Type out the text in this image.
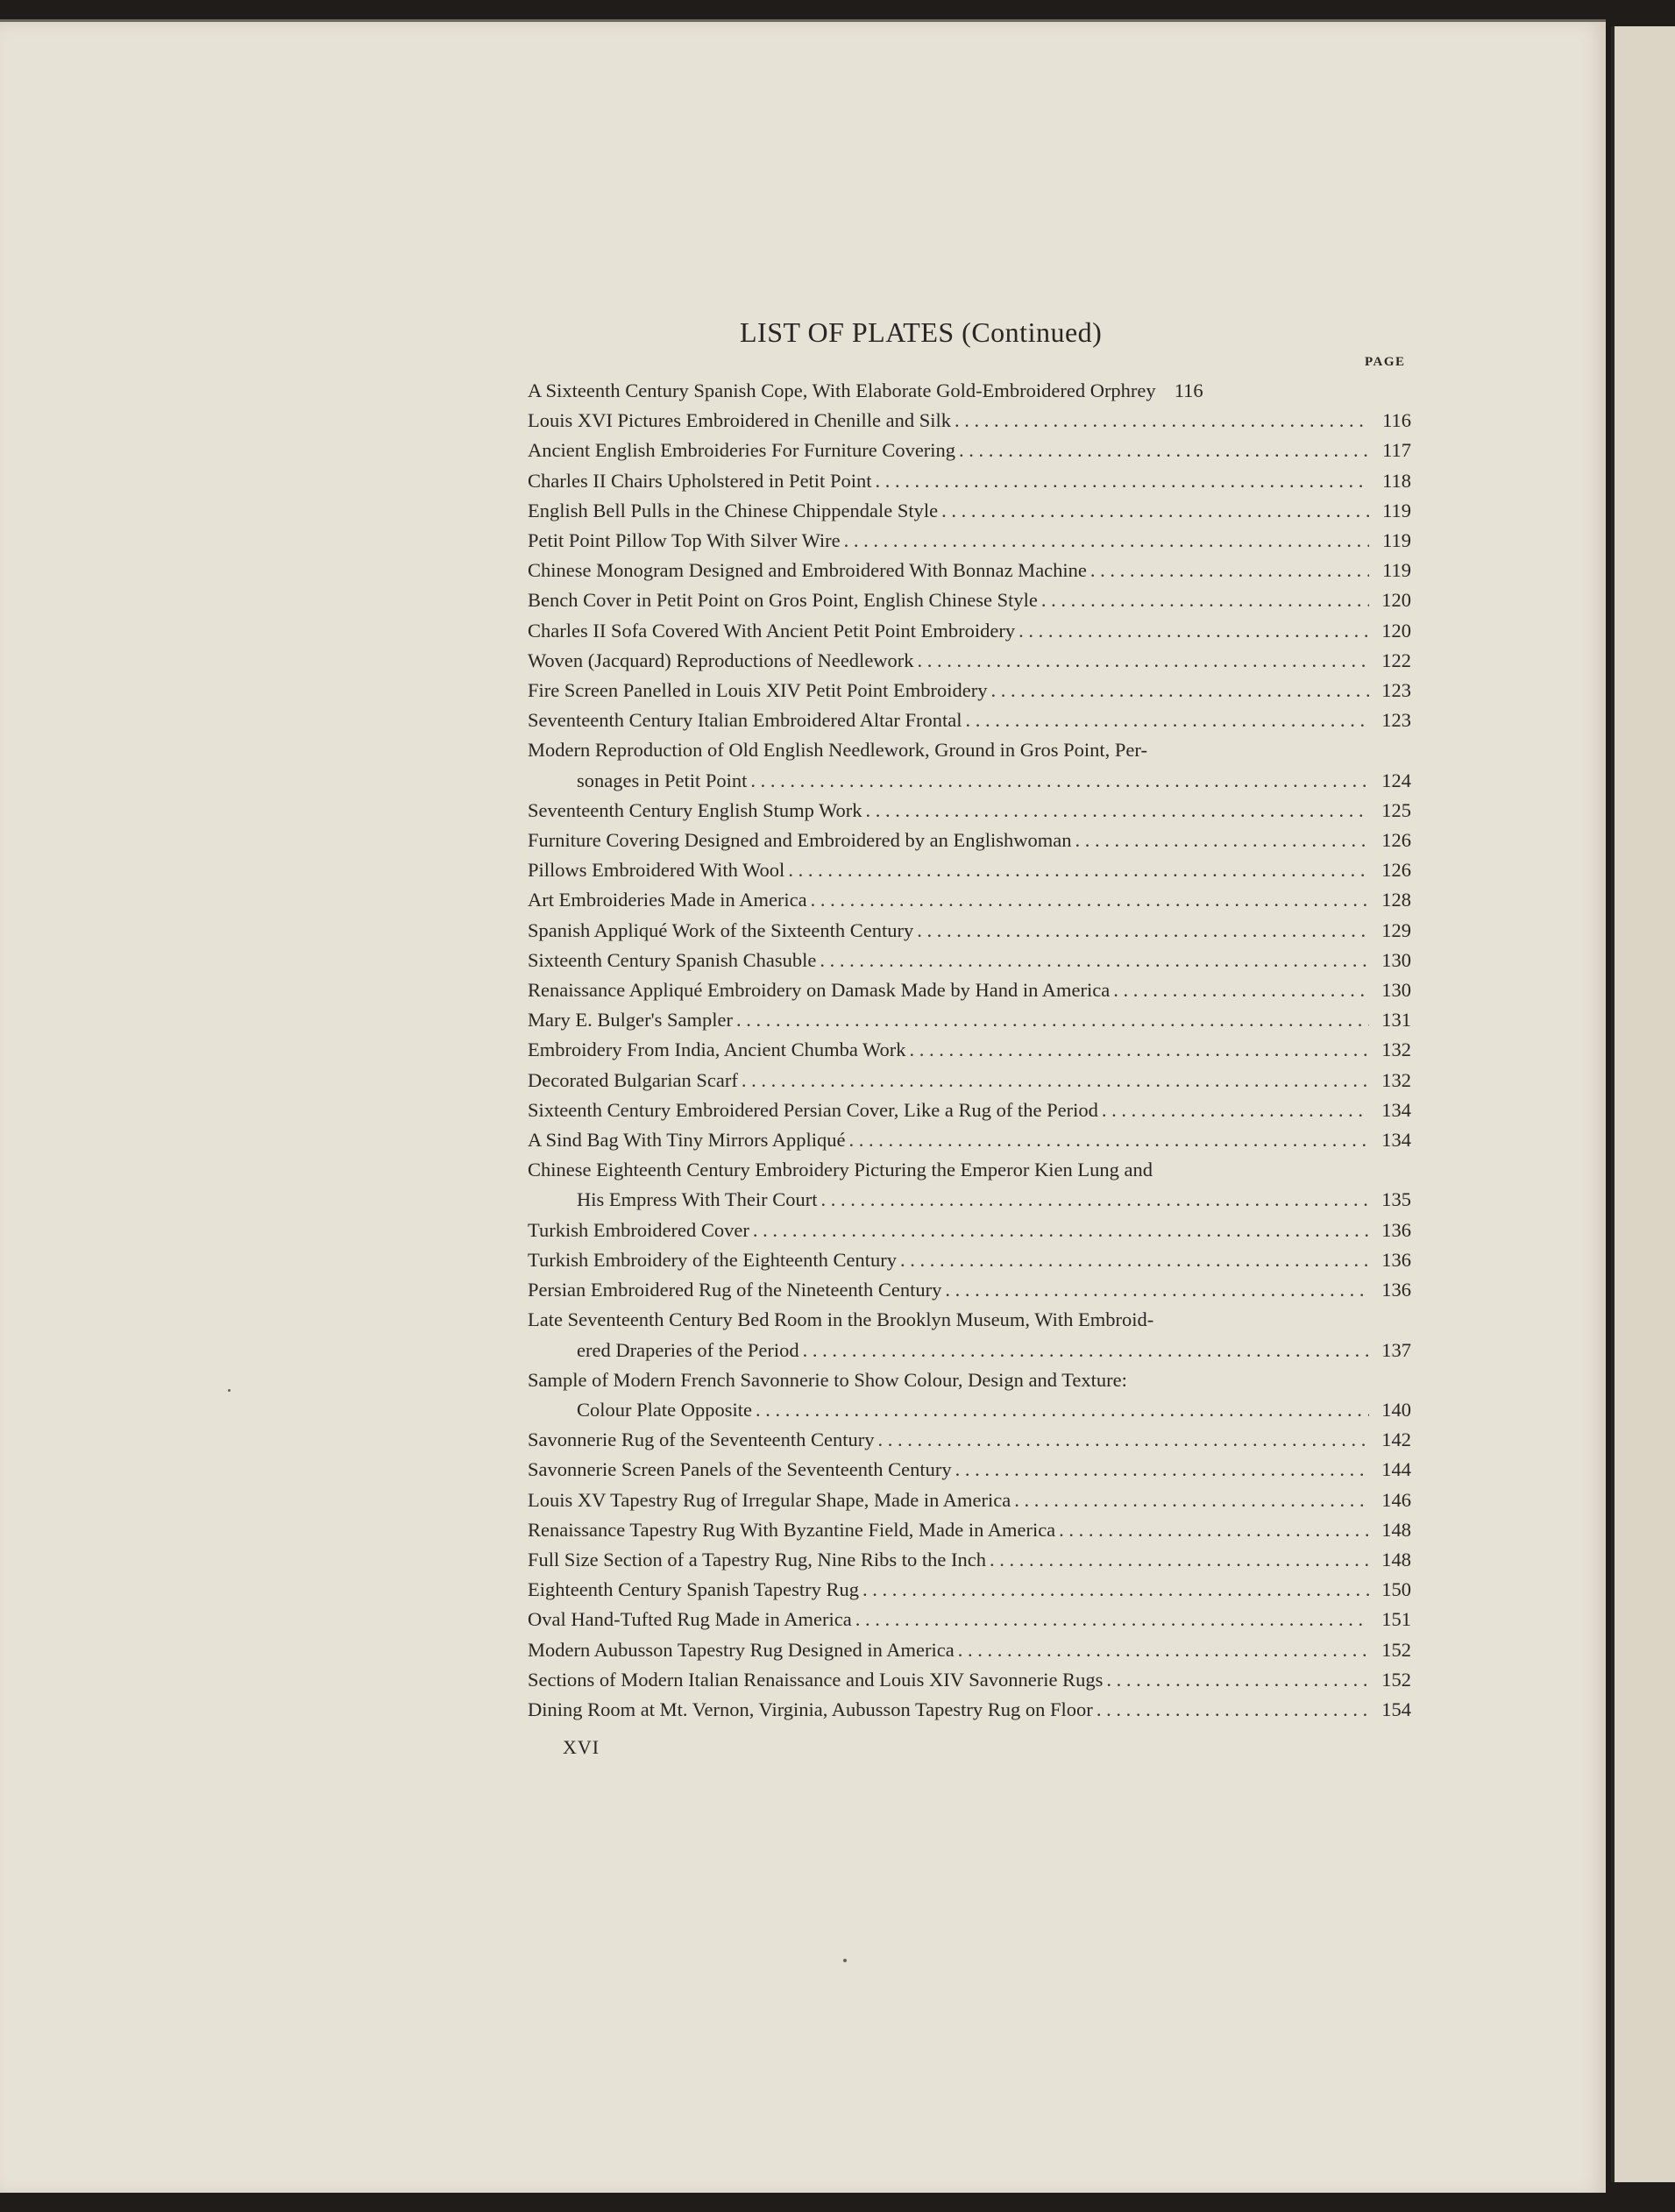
LIST OF PLATES (Continued)
PAGE
A Sixteenth Century Spanish Cope, With Elaborate Gold-Embroidered Orphrey 116
Louis XVI Pictures Embroidered in Chenille and Silk . . .	116
Ancient English Embroideries For Furniture Covering . . .	117
Charles II Chairs Upholstered in Petit Point . . .	118
English Bell Pulls in the Chinese Chippendale Style . . .	119
Petit Point Pillow Top With Silver Wire . . .	119
Chinese Monogram Designed and Embroidered With Bonnaz Machine . . .	119
Bench Cover in Petit Point on Gros Point, English Chinese Style . . .	120
Charles II Sofa Covered With Ancient Petit Point Embroidery . . .	120
Woven (Jacquard) Reproductions of Needlework . . .	122
Fire Screen Panelled in Louis XIV Petit Point Embroidery . . .	123
Seventeenth Century Italian Embroidered Altar Frontal . . .	123
Modern Reproduction of Old English Needlework, Ground in Gros Point, Per-
sonages in Petit Point . . .	124
Seventeenth Century English Stump Work . . .	125
Furniture Covering Designed and Embroidered by an Englishwoman . . .	126
Pillows Embroidered With Wool . . .	126
Art Embroideries Made in America . . .	128
Spanish Appliqué Work of the Sixteenth Century . . .	129
Sixteenth Century Spanish Chasuble . . .	130
Renaissance Appliqué Embroidery on Damask Made by Hand in America . . .	130
Mary E. Bulger's Sampler . . .	131
Embroidery From India, Ancient Chumba Work . . .	132
Decorated Bulgarian Scarf . . .	132
Sixteenth Century Embroidered Persian Cover, Like a Rug of the Period . . .	134
A Sind Bag With Tiny Mirrors Appliqué . . .	134
Chinese Eighteenth Century Embroidery Picturing the Emperor Kien Lung and
His Empress With Their Court . . .	135
Turkish Embroidered Cover . . .	136
Turkish Embroidery of the Eighteenth Century . . .	136
Persian Embroidered Rug of the Nineteenth Century . . .	136
Late Seventeenth Century Bed Room in the Brooklyn Museum, With Embroid-
ered Draperies of the Period . . .	137
Sample of Modern French Savonnerie to Show Colour, Design and Texture:
Colour Plate Opposite . . .	140
Savonnerie Rug of the Seventeenth Century . . .	142
Savonnerie Screen Panels of the Seventeenth Century . . .	144
Louis XV Tapestry Rug of Irregular Shape, Made in America . . .	146
Renaissance Tapestry Rug With Byzantine Field, Made in America . . .	148
Full Size Section of a Tapestry Rug, Nine Ribs to the Inch . . .	148
Eighteenth Century Spanish Tapestry Rug . . .	150
Oval Hand-Tufted Rug Made in America . . .	151
Modern Aubusson Tapestry Rug Designed in America . . .	152
Sections of Modern Italian Renaissance and Louis XIV Savonnerie Rugs . . .	152
Dining Room at Mt. Vernon, Virginia, Aubusson Tapestry Rug on Floor . . .	154
XVI
